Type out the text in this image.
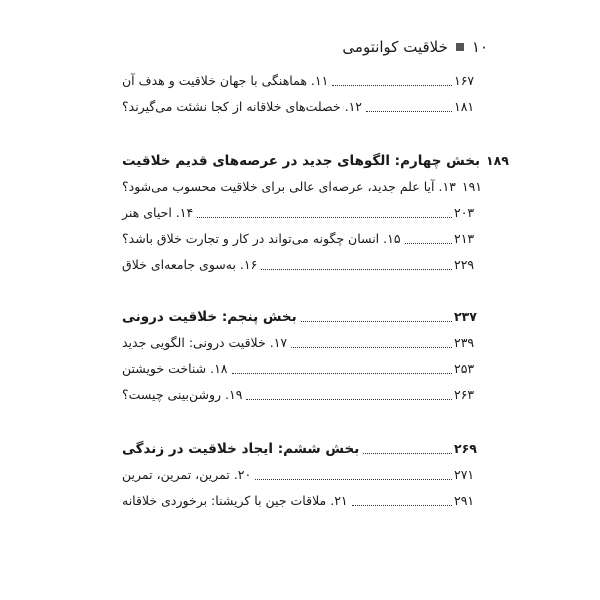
۱۰
خلاقیت کوانتومی
۱۱. هماهنگی با جهان خلاقیت و هدف آن	۱۶۷
۱۲. خصلت‌های خلاقانه از کجا نشئت می‌گیرند؟	۱۸۱
بخش چهارم: الگوهای جدید در عرصه‌های قدیم خلاقیت ۱۸۹
۱۳. آیا علم جدید، عرصه‌ای عالی برای خلاقیت محسوب می‌شود؟ ۱۹۱
۱۴. احیای هنر	۲۰۳
۱۵. انسان چگونه می‌تواند در کار و تجارت خلاق باشد؟	۲۱۳
۱۶. به‌سوی جامعه‌ای خلاق	۲۲۹
بخش پنجم: خلاقیت درونی	۲۳۷
۱۷. خلاقیت درونی: الگویی جدید	۲۳۹
۱۸. شناخت خویشتن	۲۵۳
۱۹. روشن‌بینی چیست؟	۲۶۳
بخش ششم: ایجاد خلاقیت در زندگی	۲۶۹
۲۰. تمرین، تمرین، تمرین	۲۷۱
۲۱. ملاقات جین با کریشنا: برخوردی خلاقانه	۲۹۱
